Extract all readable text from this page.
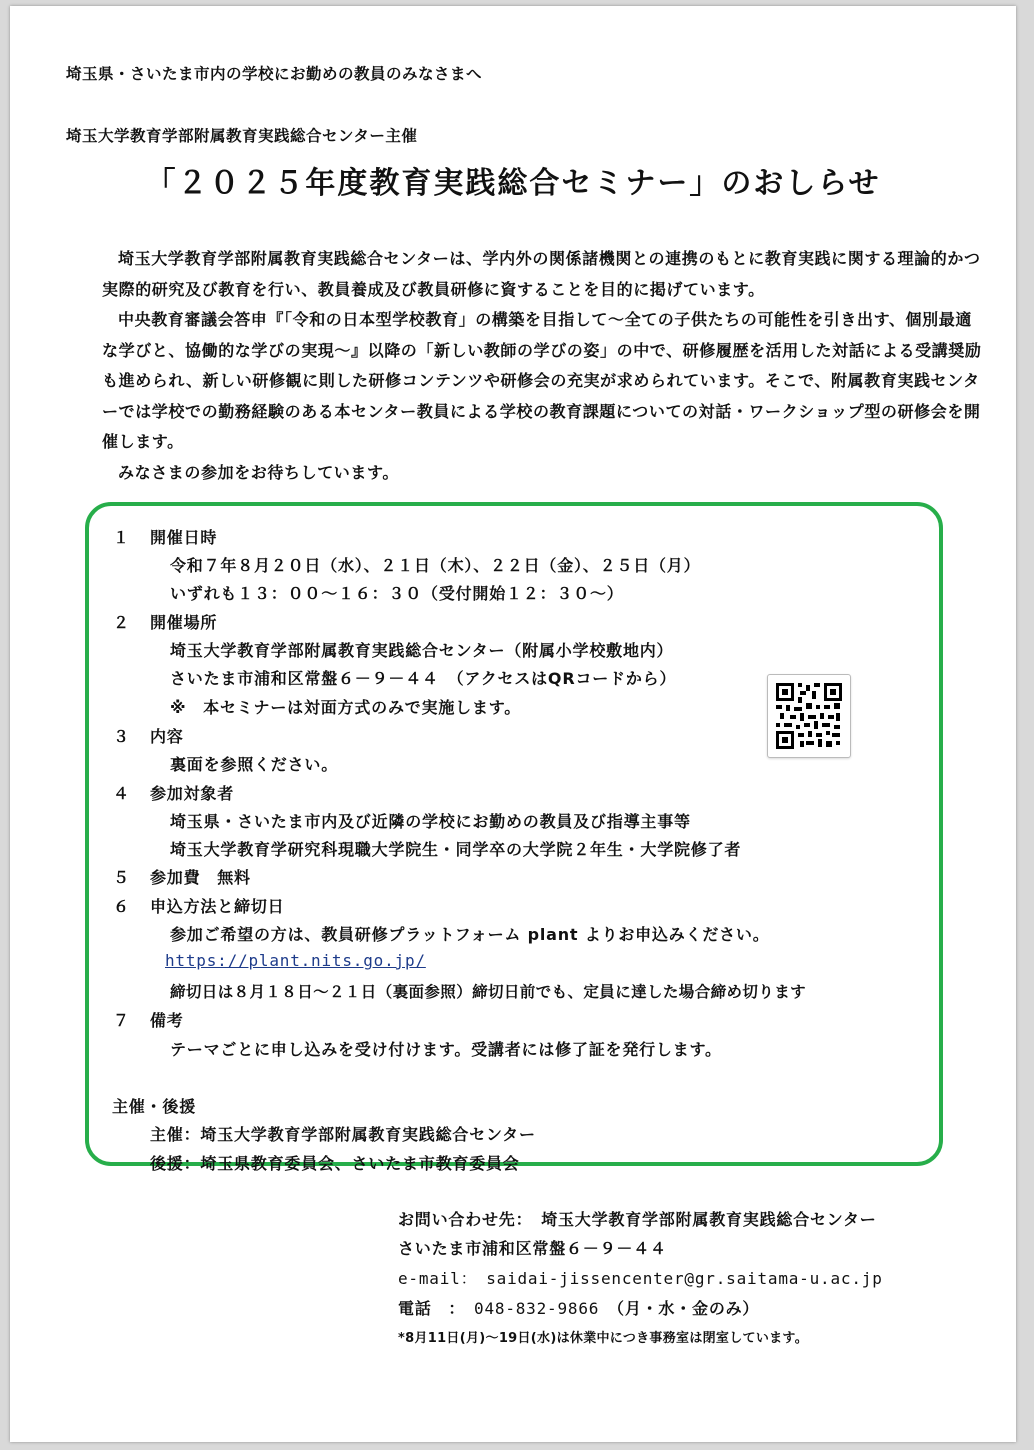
埼玉県・さいたま市内の学校にお勤めの教員のみなさまへ
埼玉大学教育学部附属教育実践総合センター主催
「２０２５年度教育実践総合セミナー」のおしらせ

埼玉大学教育学部附属教育実践総合センターは、学内外の関係諸機関との連携のもとに教育実践に関する理論的かつ実際的研究及び教育を行い、教員養成及び教員研修に資することを目的に掲げています。

中央教育審議会答申『「令和の日本型学校教育」の構築を目指して～全ての子供たちの可能性を引き出す、個別最適な学びと、協働的な学びの実現～』以降の「新しい教師の学びの姿」の中で、研修履歴を活用した対話による受講奨励も進められ、新しい研修観に則した研修コンテンツや研修会の充実が求められています。そこで、附属教育実践センターでは学校での勤務経験のある本センター教員による学校の教育課題についての対話・ワークショップ型の研修会を開催します。

みなさまの参加をお待ちしています。

１ 開催日時
令和７年８月２０日（水）、２１日（木）、２２日（金）、２５日（月）
いずれも１３：００～１６：３０（受付開始１２：３０～）
２ 開催場所
埼玉大学教育学部附属教育実践総合センター（附属小学校敷地内）
さいたま市浦和区常盤６－９－４４　（アクセスはQRコードから）
※　本セミナーは対面方式のみで実施します。
３ 内容
裏面を参照ください。
４ 参加対象者
埼玉県・さいたま市内及び近隣の学校にお勤めの教員及び指導主事等
埼玉大学教育学研究科現職大学院生・同学卒の大学院２年生・大学院修了者
５ 参加費　無料
６ 申込方法と締切日
参加ご希望の方は、教員研修プラットフォーム plant よりお申込みください。
https://plant.nits.go.jp/
締切日は８月１８日～２１日（裏面参照）締切日前でも、定員に達した場合締め切ります
７ 備考
テーマごとに申し込みを受け付けます。受講者には修了証を発行します。
主催・後援
主催：埼玉大学教育学部附属教育実践総合センター
後援：埼玉県教育委員会、さいたま市教育委員会
お問い合わせ先：　埼玉大学教育学部附属教育実践総合センター
さいたま市浦和区常盤６－９－４４
e-mail：　saidai-jissencenter@gr.saitama-u.ac.jp
電話　：　048-832-9866　（月・水・金のみ）
*8月11日(月)～19日(水)は休業中につき事務室は閉室しています。
